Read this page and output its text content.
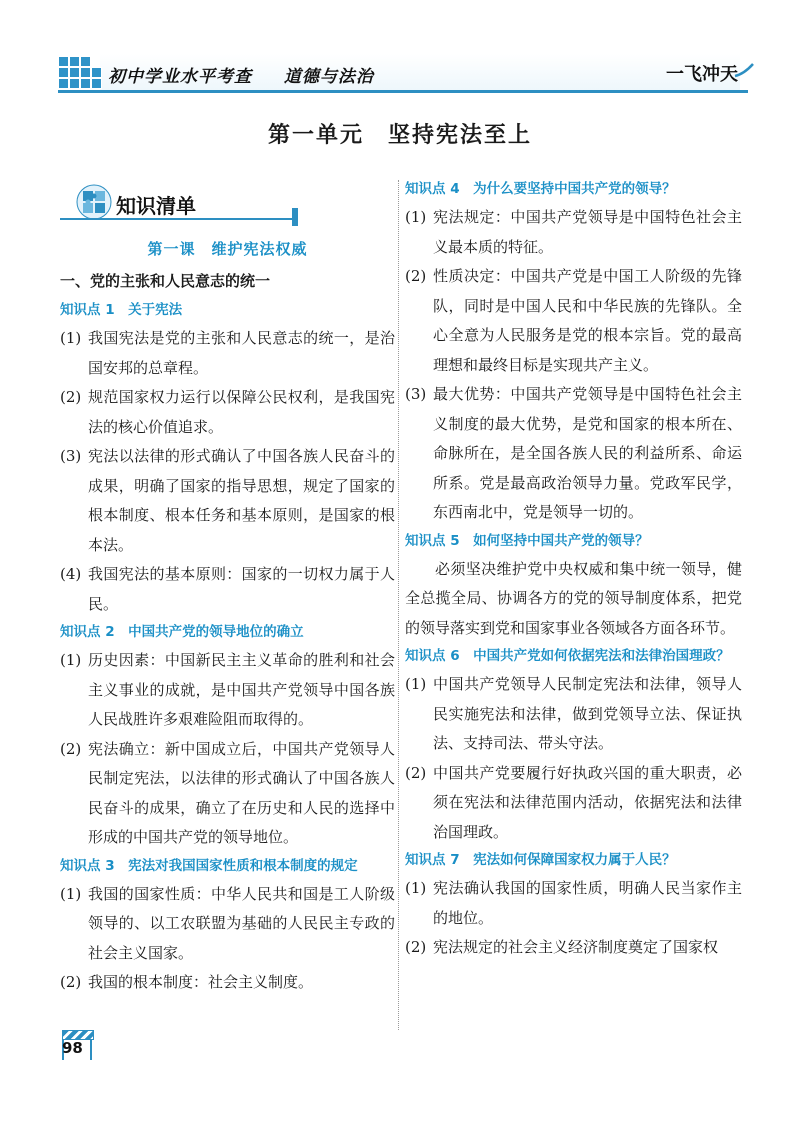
初中学业水平考查 道德与法治	一飞冲天
第一单元　坚持宪法至上
知识清单
第一课　维护宪法权威
一、党的主张和人民意志的统一
知识点 1　关于宪法
(1) 我国宪法是党的主张和人民意志的统一，是治国安邦的总章程。
(2) 规范国家权力运行以保障公民权利，是我国宪法的核心价值追求。
(3) 宪法以法律的形式确认了中国各族人民奋斗的成果，明确了国家的指导思想，规定了国家的根本制度、根本任务和基本原则，是国家的根本法。
(4) 我国宪法的基本原则：国家的一切权力属于人民。
知识点 2　中国共产党的领导地位的确立
(1) 历史因素：中国新民主主义革命的胜利和社会主义事业的成就，是中国共产党领导中国各族人民战胜许多艰难险阻而取得的。
(2) 宪法确立：新中国成立后，中国共产党领导人民制定宪法，以法律的形式确认了中国各族人民奋斗的成果，确立了在历史和人民的选择中形成的中国共产党的领导地位。
知识点 3　宪法对我国国家性质和根本制度的规定
(1) 我国的国家性质：中华人民共和国是工人阶级领导的、以工农联盟为基础的人民民主专政的社会主义国家。
(2) 我国的根本制度：社会主义制度。
知识点 4　为什么要坚持中国共产党的领导？
(1) 宪法规定：中国共产党领导是中国特色社会主义最本质的特征。
(2) 性质决定：中国共产党是中国工人阶级的先锋队，同时是中国人民和中华民族的先锋队。全心全意为人民服务是党的根本宗旨。党的最高理想和最终目标是实现共产主义。
(3) 最大优势：中国共产党领导是中国特色社会主义制度的最大优势，是党和国家的根本所在、命脉所在，是全国各族人民的利益所系、命运所系。党是最高政治领导力量。党政军民学，东西南北中，党是领导一切的。
知识点 5　如何坚持中国共产党的领导？
必须坚决维护党中央权威和集中统一领导，健全总揽全局、协调各方的党的领导制度体系，把党的领导落实到党和国家事业各领域各方面各环节。
知识点 6　中国共产党如何依据宪法和法律治国理政？
(1) 中国共产党领导人民制定宪法和法律，领导人民实施宪法和法律，做到党领导立法、保证执法、支持司法、带头守法。
(2) 中国共产党要履行好执政兴国的重大职责，必须在宪法和法律范围内活动，依据宪法和法律治国理政。
知识点 7　宪法如何保障国家权力属于人民？
(1) 宪法确认我国的国家性质，明确人民当家作主的地位。
(2) 宪法规定的社会主义经济制度奠定了国家权
98
